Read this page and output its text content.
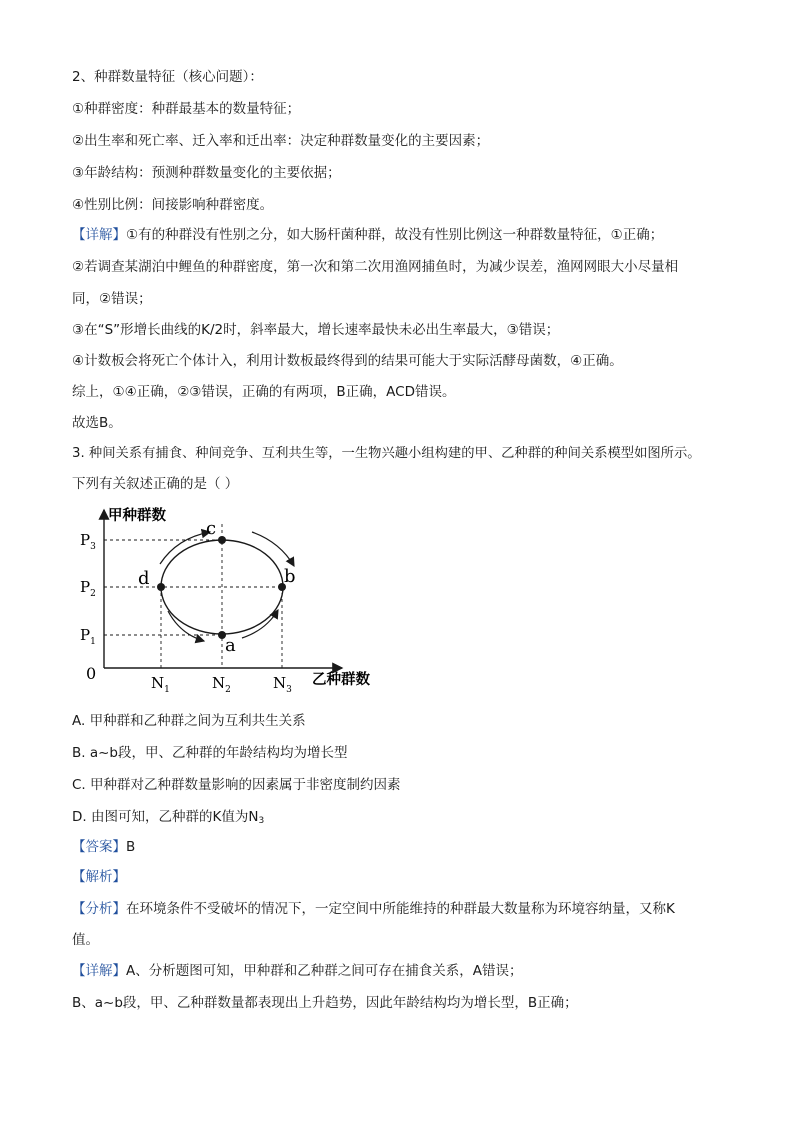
2、种群数量特征（核心问题）：
①种群密度：种群最基本的数量特征；
②出生率和死亡率、迁入率和迁出率：决定种群数量变化的主要因素；
③年龄结构：预测种群数量变化的主要依据；
④性别比例：间接影响种群密度。
【详解】①有的种群没有性别之分，如大肠杆菌种群，故没有性别比例这一种群数量特征，①正确；
②若调查某湖泊中鲤鱼的种群密度，第一次和第二次用渔网捕鱼时，为减少误差，渔网网眼大小尽量相
同，②错误；
③在“S”形增长曲线的K/2时，斜率最大，增长速率最快未必出生率最大，③错误；
④计数板会将死亡个体计入，利用计数板最终得到的结果可能大于实际活酵母菌数，④正确。
综上，①④正确，②③错误，正确的有两项，B正确，ACD错误。
故选B。
3. 种间关系有捕食、种间竞争、互利共生等，一生物兴趣小组构建的甲、乙种群的种间关系模型如图所示。
下列有关叙述正确的是（ ）
c
b
a
d
甲种群数
乙种群数
0
$P_3$
$P_2$
$P_1$
$N_1$	$N_2$	$N_3$
A. 甲种群和乙种群之间为互利共生关系
B. a~b段，甲、乙种群的年龄结构均为增长型
C. 甲种群对乙种群数量影响的因素属于非密度制约因素
D. 由图可知，乙种群的K值为$N_3$
【答案】B
【解析】
【分析】在环境条件不受破坏的情况下，一定空间中所能维持的种群最大数量称为环境容纳量，又称K
值。
【详解】A、分析题图可知，甲种群和乙种群之间可存在捕食关系，A错误；
B、a~b段，甲、乙种群数量都表现出上升趋势，因此年龄结构均为增长型，B正确；
